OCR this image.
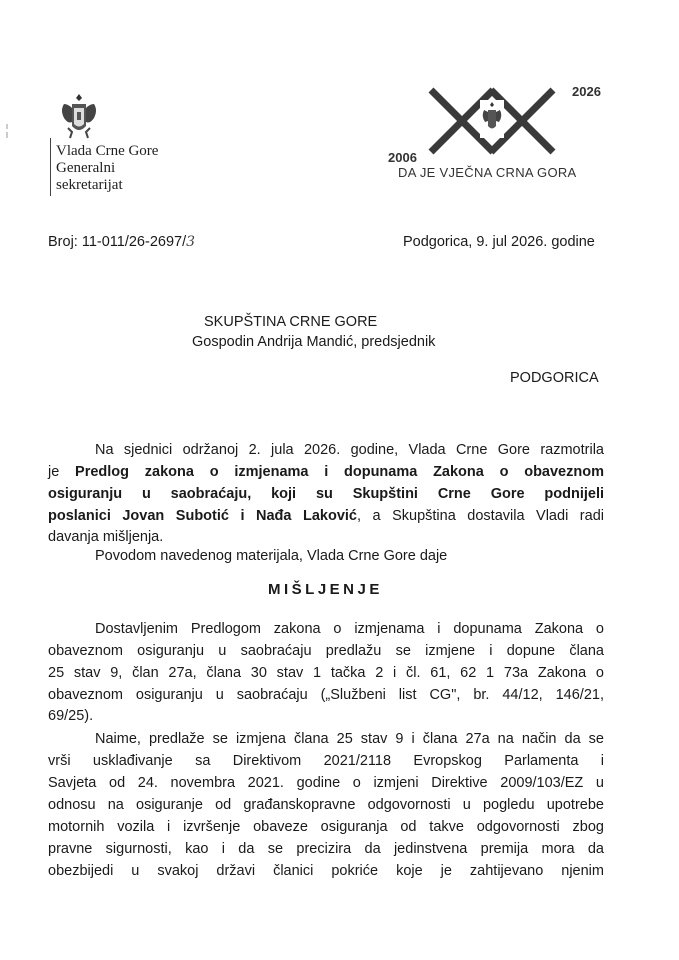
Vlada Crne Gore
Generalni
sekretarijat
2026
2006
DA JE VJEČNA CRNA GORA
Broj: 11-011/26-2697/3	Podgorica, 9. jul 2026. godine
SKUPŠTINA CRNE GORE
Gospodin Andrija Mandić, predsjednik
PODGORICA
Na sjednici održanoj 2. jula 2026. godine, Vlada Crne Gore razmotrila
je Predlog zakona o izmjenama i dopunama Zakona o obaveznom
osiguranju u saobraćaju, koji su Skupštini Crne Gore podnijeli
poslanici Jovan Subotić i Nađa Laković, a Skupština dostavila Vladi radi
davanja mišljenja.
Povodom navedenog materijala, Vlada Crne Gore daje
MIŠLJENJE
Dostavljenim Predlogom zakona o izmjenama i dopunama Zakona o
obaveznom osiguranju u saobraćaju predlažu se izmjene i dopune člana
25 stav 9, član 27a, člana 30 stav 1 tačka 2 i čl. 61, 62 1 73a Zakona o
obaveznom osiguranju u saobraćaju („Službeni list CG", br. 44/12, 146/21,
69/25).
Naime, predlaže se izmjena člana 25 stav 9 i člana 27a na način da se
vrši usklađivanje sa Direktivom 2021/2118 Evropskog Parlamenta i
Savjeta od 24. novembra 2021. godine o izmjeni Direktive 2009/103/EZ u
odnosu na osiguranje od građanskopravne odgovornosti u pogledu upotrebe
motornih vozila i izvršenje obaveze osiguranja od takve odgovornosti zbog
pravne sigurnosti, kao i da se precizira da jedinstvena premija mora da
obezbijedi u svakoj državi članici pokriće koje je zahtijevano njenim
